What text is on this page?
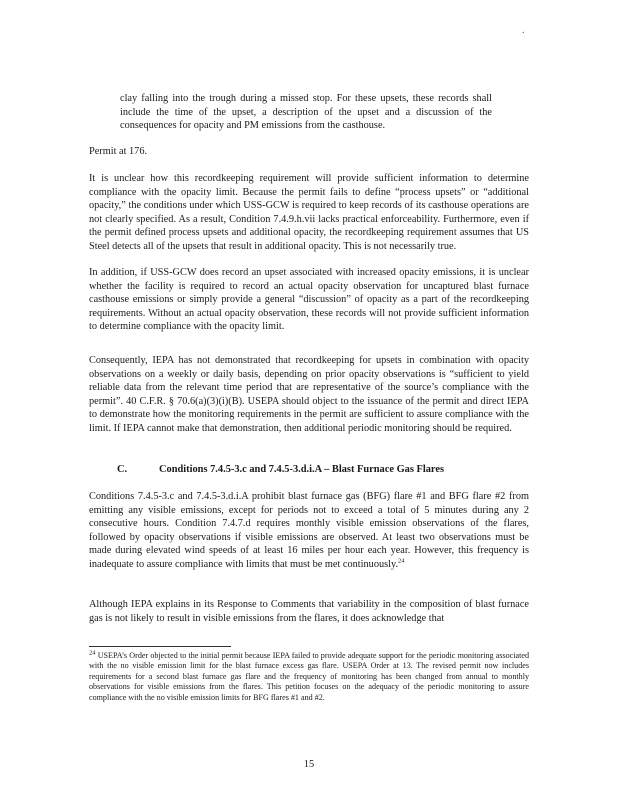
.

clay falling into the trough during a missed stop. For these upsets, these records shall include the time of the upset, a description of the upset and a discussion of the consequences for opacity and PM emissions from the casthouse.

Permit at 176.

It is unclear how this recordkeeping requirement will provide sufficient information to determine compliance with the opacity limit. Because the permit fails to define “process upsets” or “additional opacity,” the conditions under which USS-GCW is required to keep records of its casthouse operations are not clearly specified. As a result, Condition 7.4.9.h.vii lacks practical enforceability. Furthermore, even if the permit defined process upsets and additional opacity, the recordkeeping requirement assumes that US Steel detects all of the upsets that result in additional opacity. This is not necessarily true.

In addition, if USS-GCW does record an upset associated with increased opacity emissions, it is unclear whether the facility is required to record an actual opacity observation for uncaptured blast furnace casthouse emissions or simply provide a general “discussion” of opacity as a part of the recordkeeping requirements. Without an actual opacity observation, these records will not provide sufficient information to determine compliance with the opacity limit.

Consequently, IEPA has not demonstrated that recordkeeping for upsets in combination with opacity observations on a weekly or daily basis, depending on prior opacity observations is “sufficient to yield reliable data from the relevant time period that are representative of the source’s compliance with the permit”. 40 C.F.R. § 70.6(a)(3)(i)(B). USEPA should object to the issuance of the permit and direct IEPA to demonstrate how the monitoring requirements in the permit are sufficient to assure compliance with the limit. If IEPA cannot make that demonstration, then additional periodic monitoring should be required.

C.	Conditions 7.4.5-3.c and 7.4.5-3.d.i.A – Blast Furnace Gas Flares

Conditions 7.4.5-3.c and 7.4.5-3.d.i.A prohibit blast furnace gas (BFG) flare #1 and BFG flare #2 from emitting any visible emissions, except for periods not to exceed a total of 5 minutes during any 2 consecutive hours. Condition 7.4.7.d requires monthly visible emission observations of the flares, followed by opacity observations if visible emissions are observed. At least two observations must be made during elevated wind speeds of at least 16 miles per hour each year. However, this frequency is inadequate to assure compliance with limits that must be met continuously.$^{24}$

Although IEPA explains in its Response to Comments that variability in the composition of blast furnace gas is not likely to result in visible emissions from the flares, it does acknowledge that

$^{24}$ USEPA’s Order objected to the initial permit because IEPA failed to provide adequate support for the periodic monitoring associated with the no visible emission limit for the blast furnace excess gas flare. USEPA Order at 13. The revised permit now includes requirements for a second blast furnace gas flare and the frequency of monitoring has been changed from annual to monthly observations for visible emissions from the flares. This petition focuses on the adequacy of the periodic monitoring to assure compliance with the no visible emission limits for BFG flares #1 and #2.

15
